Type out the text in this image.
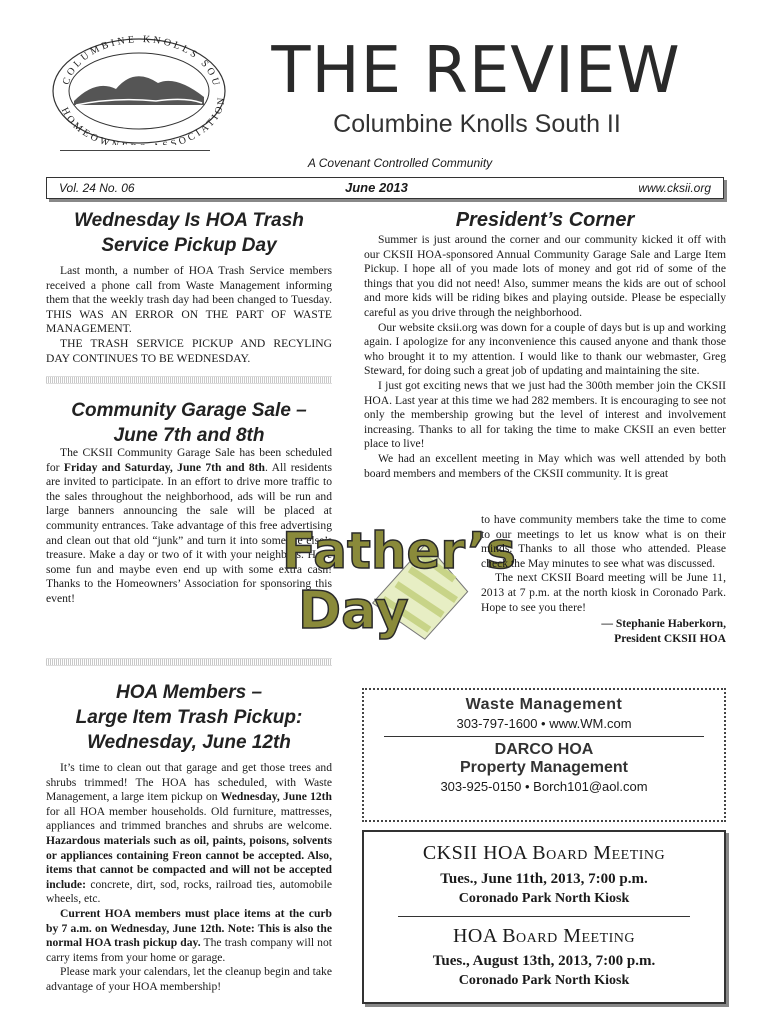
COLUMBINE KNOLLS SOU
HOMEOW SOCIATION THE REVIEW
Columbine Knolls South II
A Covenant Controlled Community
Vol. 24 No. 06	June 2013	www.cksii.org
Wednesday Is HOA Trash
Service Pickup Day

Last month, a number of HOA Trash Service members received a phone call from Waste Management informing them that the weekly trash day had been changed to Tuesday. THIS WAS AN ERROR ON THE PART OF WASTE MANAGEMENT.

THE TRASH SERVICE PICKUP AND RECYLING DAY CONTINUES TO BE WEDNESDAY.

Community Garage Sale –
June 7th and 8th

The CKSII Community Garage Sale has been scheduled for Friday and Saturday, June 7th and 8th. All residents are invited to participate. In an effort to drive more traffic to the sales throughout the neighborhood, ads will be run and large banners announcing the sale will be placed at community entrances. Take advantage of this free advertising and clean out that old “junk” and turn it into someone else’s treasure. Make a day or two of it with your neighbors. Have some fun and maybe even end up with some extra cash! Thanks to the Homeowners’ Association for sponsoring this event!

HOA Members –
Large Item Trash Pickup:
Wednesday, June 12th

It’s time to clean out that garage and get those trees and shrubs trimmed! The HOA has scheduled, with Waste Management, a large item pickup on Wednesday, June 12th for all HOA member households. Old furniture, mattresses, appliances and trimmed branches and shrubs are welcome. Hazardous materials such as oil, paints, poisons, solvents or appliances containing Freon cannot be accepted. Also, items that cannot be compacted and will not be accepted include: concrete, dirt, sod, rocks, railroad ties, automobile wheels, etc.

Current HOA members must place items at the curb by 7 a.m. on Wednesday, June 12th. Note: This is also the normal HOA trash pickup day. The trash company will not carry items from your home or garage.

Please mark your calendars, let the cleanup begin and take advantage of your HOA membership!

Father’s
Day
President’s Corner

Summer is just around the corner and our community kicked it off with our CKSII HOA-sponsored Annual Community Garage Sale and Large Item Pickup. I hope all of you made lots of money and got rid of some of the things that you did not need! Also, summer means the kids are out of school and more kids will be riding bikes and playing outside. Please be especially careful as you drive through the neighborhood.

Our website cksii.org was down for a couple of days but is up and working again. I apologize for any inconvenience this caused anyone and thank those who brought it to my attention. I would like to thank our webmaster, Greg Steward, for doing such a great job of updating and maintaining the site.

I just got exciting news that we just had the 300th member join the CKSII HOA. Last year at this time we had 282 members. It is encouraging to see not only the membership growing but the level of interest and involvement increasing. Thanks to all for taking the time to make CKSII an even better place to live!

We had an excellent meeting in May which was well attended by both board members and members of the CKSII community. It is great

to have community members take the time to come to our meetings to let us know what is on their minds. Thanks to all those who attended. Please check the May minutes to see what was discussed.

The next CKSII Board meeting will be June 11, 2013 at 7 p.m. at the north kiosk in Coronado Park. Hope to see you there!

— Stephanie Haberkorn,

President CKSII HOA

Waste Management
303-797-1600 • www.WM.com
DARCO HOA
Property Management
303-925-0150 • Borch101@aol.com
CKSII HOA Board Meeting
Tues., June 11th, 2013, 7:00 p.m.
Coronado Park North Kiosk
HOA Board Meeting
Tues., August 13th, 2013, 7:00 p.m.
Coronado Park North Kiosk
